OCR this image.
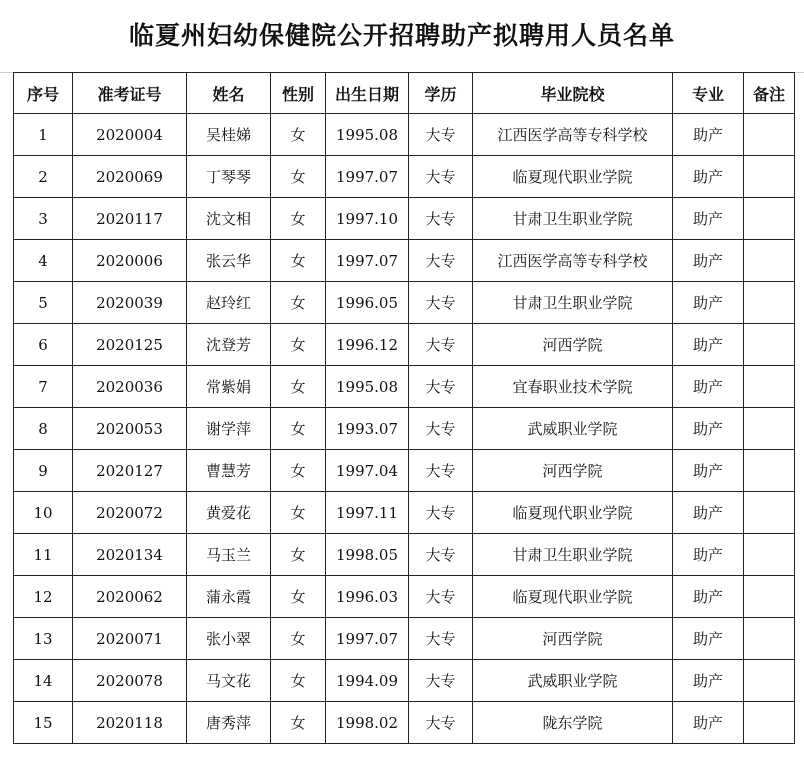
临夏州妇幼保健院公开招聘助产拟聘用人员名单
序号	准考证号	姓名	性别	出生日期	学历	毕业院校	专业	备注
1	2020004	吴桂娣	女	1995.08	大专	江西医学高等专科学校	助产	
2	2020069	丁琴琴	女	1997.07	大专	临夏现代职业学院	助产	
3	2020117	沈文相	女	1997.10	大专	甘肃卫生职业学院	助产	
4	2020006	张云华	女	1997.07	大专	江西医学高等专科学校	助产	
5	2020039	赵玲红	女	1996.05	大专	甘肃卫生职业学院	助产	
6	2020125	沈登芳	女	1996.12	大专	河西学院	助产	
7	2020036	常紫娟	女	1995.08	大专	宜春职业技术学院	助产	
8	2020053	谢学萍	女	1993.07	大专	武威职业学院	助产	
9	2020127	曹慧芳	女	1997.04	大专	河西学院	助产	
10	2020072	黄爱花	女	1997.11	大专	临夏现代职业学院	助产	
11	2020134	马玉兰	女	1998.05	大专	甘肃卫生职业学院	助产	
12	2020062	蒲永霞	女	1996.03	大专	临夏现代职业学院	助产	
13	2020071	张小翠	女	1997.07	大专	河西学院	助产	
14	2020078	马文花	女	1994.09	大专	武威职业学院	助产	
15	2020118	唐秀萍	女	1998.02	大专	陇东学院	助产	
